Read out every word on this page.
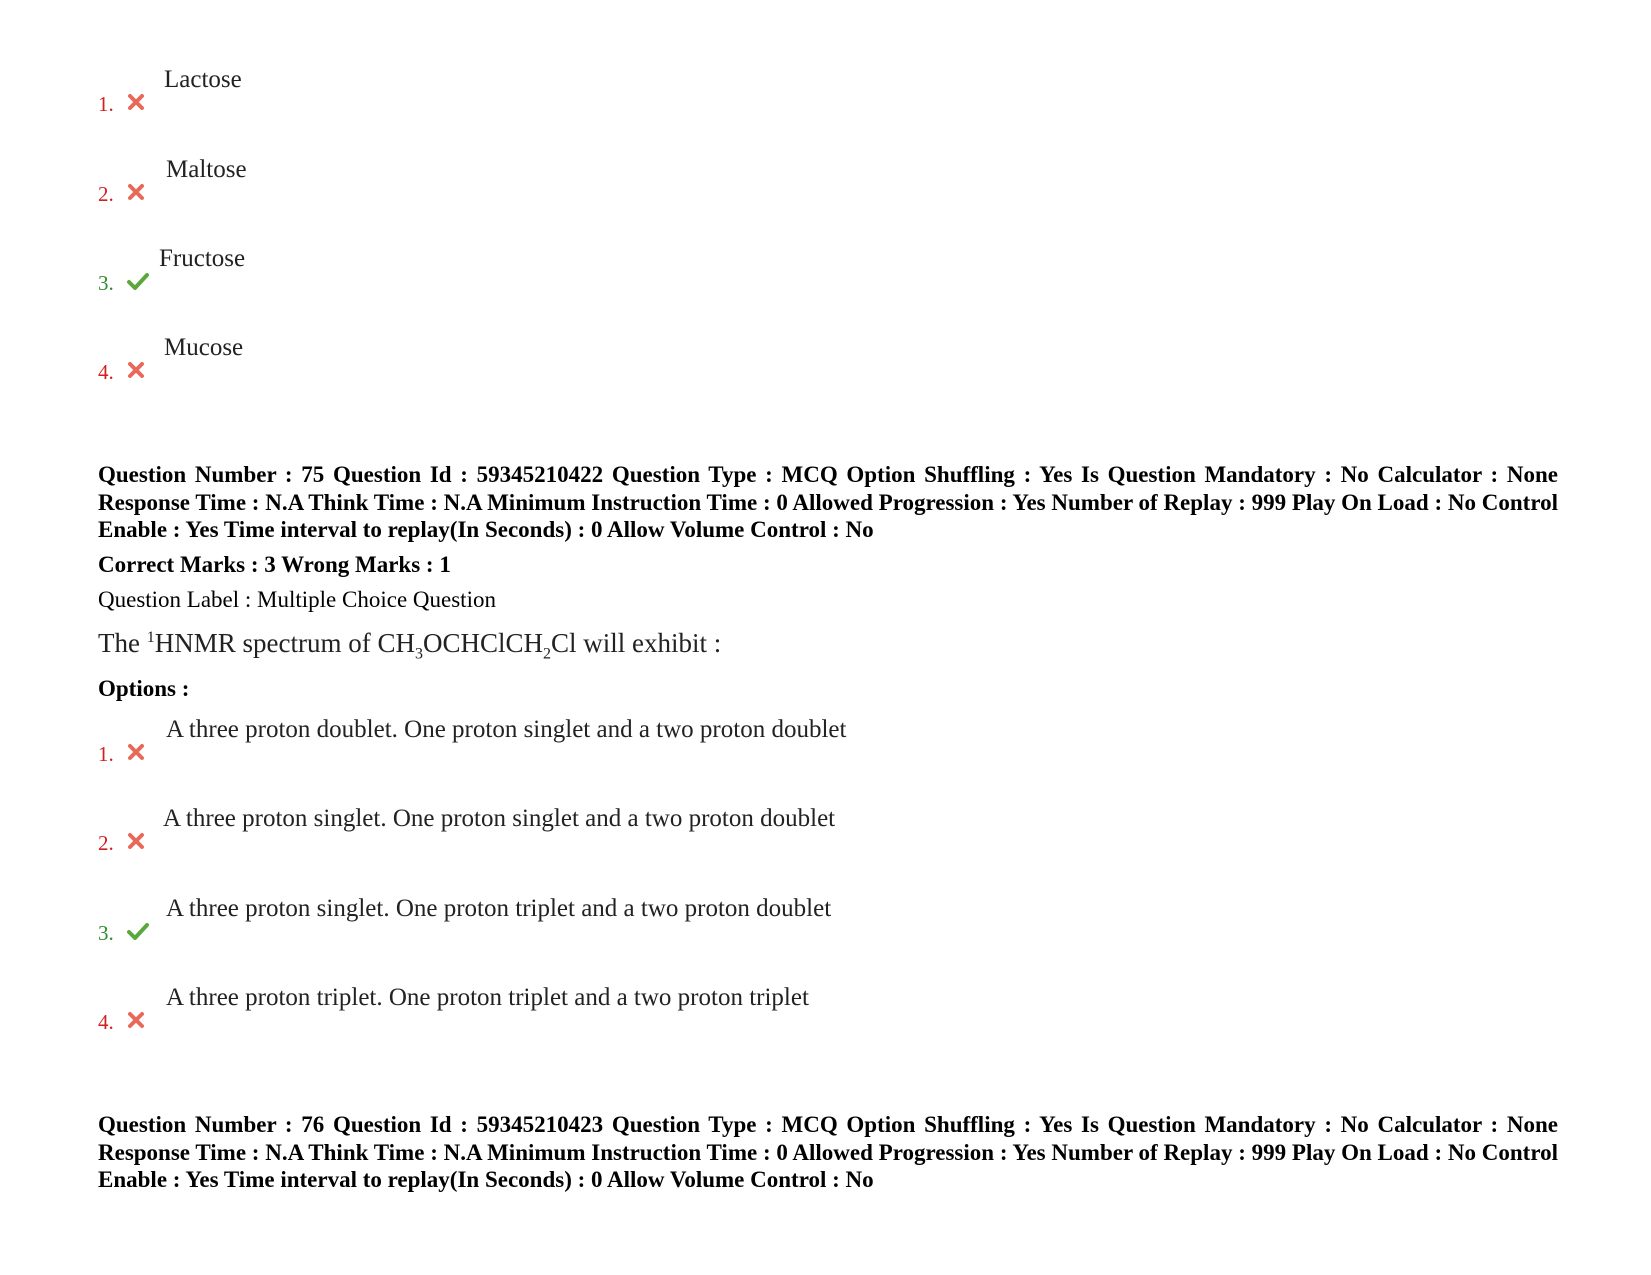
1.
Lactose
2.
Maltose
3.
Fructose
4.
Mucose
Question Number : 75 Question Id : 59345210422 Question Type : MCQ Option Shuffling : Yes Is Question Mandatory : No Calculator : None Response Time : N.A Think Time : N.A Minimum Instruction Time : 0 Allowed Progression : Yes Number of Replay : 999 Play On Load : No Control Enable : Yes Time interval to replay(In Seconds) : 0 Allow Volume Control : No
Correct Marks : 3 Wrong Marks : 1
Question Label : Multiple Choice Question
The $^1$HNMR spectrum of $CH_3OCHClCH_2Cl$ will exhibit :
Options :
1.
A three proton doublet. One proton singlet and a two proton doublet
2.
A three proton singlet. One proton singlet and a two proton doublet
3.
A three proton singlet. One proton triplet and a two proton doublet
4.
A three proton triplet. One proton triplet and a two proton triplet
Question Number : 76 Question Id : 59345210423 Question Type : MCQ Option Shuffling : Yes Is Question Mandatory : No Calculator : None Response Time : N.A Think Time : N.A Minimum Instruction Time : 0 Allowed Progression : Yes Number of Replay : 999 Play On Load : No Control Enable : Yes Time interval to replay(In Seconds) : 0 Allow Volume Control : No
